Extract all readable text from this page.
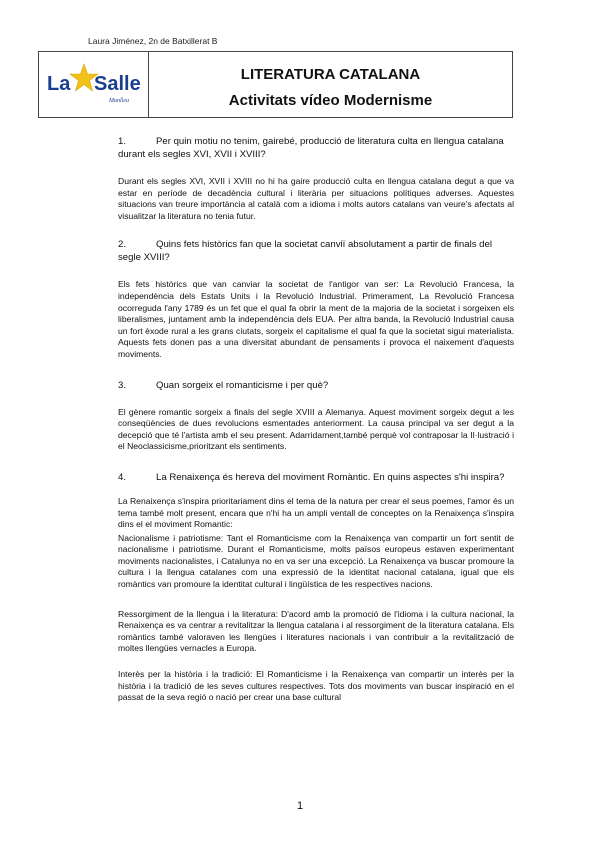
Laura Jiménez, 2n de Batxillerat B
La Salle
Manlleu
LITERATURA CATALANA
Activitats vídeo Modernisme

1.	Per quin motiu no tenim, gairebé, producció de literatura culta en llengua catalana durant els segles XVI, XVII i XVIII?

Durant els segles XVI, XVII i XVIII no hi ha gaire producció culta en llengua catalana degut a que va estar en període de decadència cultural i literària per situacions polítiques adverses. Aquestes situacions van treure importància al català com a idioma i molts autors catalans van veure's afectats al visualitzar la literatura no tenia futur.

2.	Quins fets històrics fan que la societat canviï absolutament a partir de finals del segle XVIII?

Els fets històrics que van canviar la societat de l'antigor van ser: La Revolució Francesa, la independència dels Estats Units i la Revolució Industrial. Primerament, La Revolució Francesa ocorreguda l'any 1789 és un fet que el qual fa obrir la ment de la majoria de la societat i sorgeixen els liberalismes, juntament amb la independència dels EUA. Per altra banda, la Revolució Industrial causa un fort èxode rural a les grans ciutats, sorgeix el capitalisme el qual fa que la societat sigui materialista. Aquests fets donen pas a una diversitat abundant de pensaments i provoca el naixement d'aquests moviments.

3.	Quan sorgeix el romanticisme i per què?

El gènere romantic sorgeix a finals del segle XVIII a Alemanya. Aquest moviment sorgeix degut a les conseqüències de dues revolucions esmentades anteriorment. La causa principal va ser degut a la decepció que té l'artista amb el seu present. Adarridament,també perquè vol contraposar la Il·lustració i el Neoclassicisme,prioritzant els sentiments.

4.	La Renaixença és hereva del moviment Romàntic. En quins aspectes s'hi inspira?

La Renaixença s'inspira prioritariament dins el tema de la natura per crear el seus poemes, l'amor és un tema també molt present, encara que n'hi ha un ampli ventall de conceptes on la Renaixença s'inspira dins el el moviment Romantic:

Nacionalisme i patriotisme: Tant el Romanticisme com la Renaixença van compartir un fort sentit de nacionalisme i patriotisme. Durant el Romanticisme, molts països europeus estaven experimentant moviments nacionalistes, i Catalunya no en va ser una excepció. La Renaixença va buscar promoure la cultura i la llengua catalanes com una expressió de la identitat nacional catalana, igual que els romàntics van promoure la identitat cultural i lingüística de les respectives nacions.

Ressorgiment de la llengua i la literatura: D'acord amb la promoció de l'idioma i la cultura nacional, la Renaixença es va centrar a revitalitzar la llengua catalana i al ressorgiment de la literatura catalana. Els romàntics també valoraven les llengües i literatures nacionals i van contribuir a la revitalització de moltes llengües vernacles a Europa.

Interès per la història i la tradició: El Romanticisme i la Renaixença van compartir un interès per la història i la tradició de les seves cultures respectives. Tots dos moviments van buscar inspiració en el passat de la seva regió o nació per crear una base cultural

1
